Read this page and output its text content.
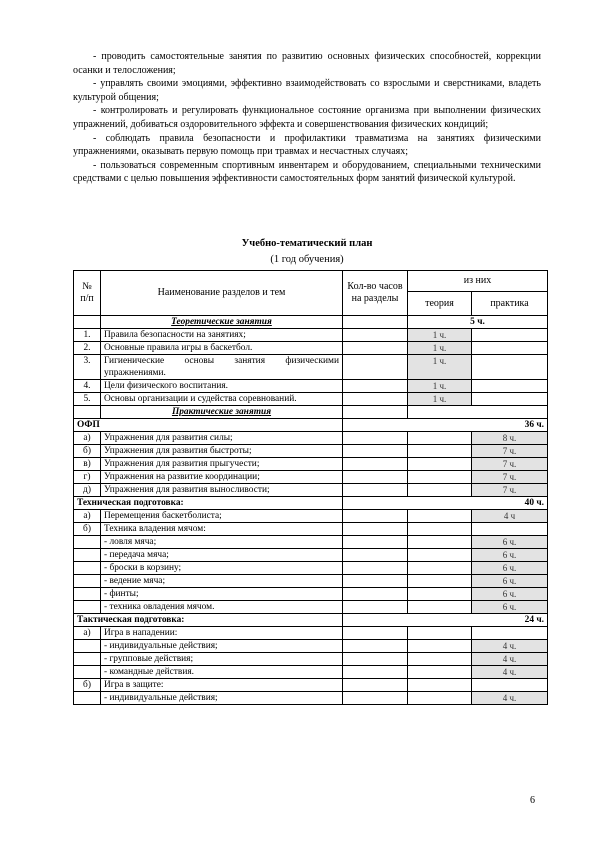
- проводить самостоятельные занятия по развитию основных физических способностей, коррекции осанки и телосложения;

- управлять своими эмоциями, эффективно взаимодействовать со взрослыми и сверстниками, владеть культурой общения;

- контролировать и регулировать функциональное состояние организма при выполнении физических упражнений, добиваться оздоровительного эффекта и совершенствования физических кондиций;

- соблюдать правила безопасности и профилактики травматизма на занятиях физическими упражнениями, оказывать первую помощь при травмах и несчастных случаях;

- пользоваться современным спортивным инвентарем и оборудованием, специальными техническими средствами с целью повышения эффективности самостоятельных форм занятий физической культурой.

Учебно-тематический план
(1 год обучения)
№ п/п	Наименование разделов и тем	Кол-во часов на разделы	из них	
			теория	практика
	Теоретические занятия		5 ч.	
1.	Правила безопасности на занятиях;		1 ч.	
2.	Основные правила игры в баскетбол.		1 ч.	
3.	Гигиенические основы занятия физическими упражнениями.		1 ч.	
4.	Цели физического воспитания.		1 ч.	
5.	Основы организации и судейства соревнований.		1 ч.	
	Практические занятия			
ОФП		36 ч.		
а)	Упражнения для развития силы;			8 ч.
б)	Упражнения для развития быстроты;			7 ч.
в)	Упражнения для развития прыгучести;			7 ч.
г)	Упражнения на развитие координации;			7 ч.
д)	Упражнения для развития выносливости;			7 ч.
Техническая подготовка:		40 ч.		
а)	Перемещения баскетболиста;			4 ч
б)	Техника владения мячом:			
	- ловля мяча;			6 ч.
	- передача мяча;			6 ч.
	- броски в корзину;			6 ч.
	- ведение мяча;			6 ч.
	- финты;			6 ч.
	- техника овладения мячом.			6 ч.
Тактическая подготовка:		24 ч.		
а)	Игра в нападении:			
	- индивидуальные действия;			4 ч.
	- групповые действия;			4 ч.
	- командные действия.			4 ч.
б)	Игра в защите:			
	- индивидуальные действия;			4 ч.
6
